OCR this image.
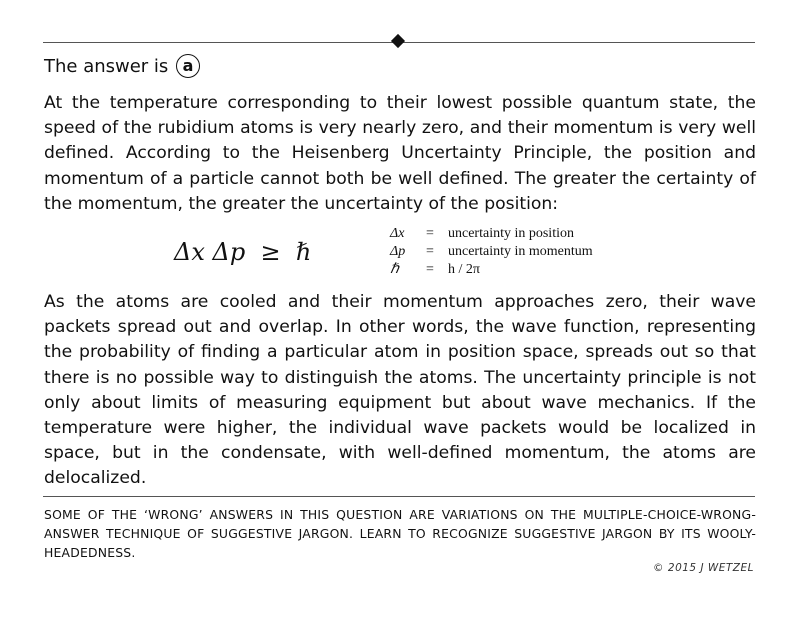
The answer is a

At the temperature corresponding to their lowest possible quantum state, the speed of the rubidium atoms is very nearly zero, and their momentum is very well defined. According to the Heisenberg Uncertainty Principle, the position and momentum of a particle cannot both be well defined. The greater the certainty of the momentum, the greater the uncertainty of the position:

Δx Δp ≥ ℏ
Δx = uncertainty in position
Δp = uncertainty in momentum
ℏ = h / 2π

As the atoms are cooled and their momentum approaches zero, their wave packets spread out and overlap. In other words, the wave function, representing the probability of finding a particular atom in position space, spreads out so that there is no possible way to distinguish the atoms. The uncertainty principle is not only about limits of measuring equipment but about wave mechanics. If the temperature were higher, the individual wave packets would be localized in space, but in the condensate, with well-defined momentum, the atoms are delocalized.

SOME OF THE ‘WRONG’ ANSWERS IN THIS QUESTION ARE VARIATIONS ON THE MULTIPLE-CHOICE-WRONG-ANSWER TECHNIQUE OF SUGGESTIVE JARGON. LEARN TO RECOGNIZE SUGGESTIVE JARGON BY ITS WOOLY-HEADEDNESS.

© 2015 J WETZEL
